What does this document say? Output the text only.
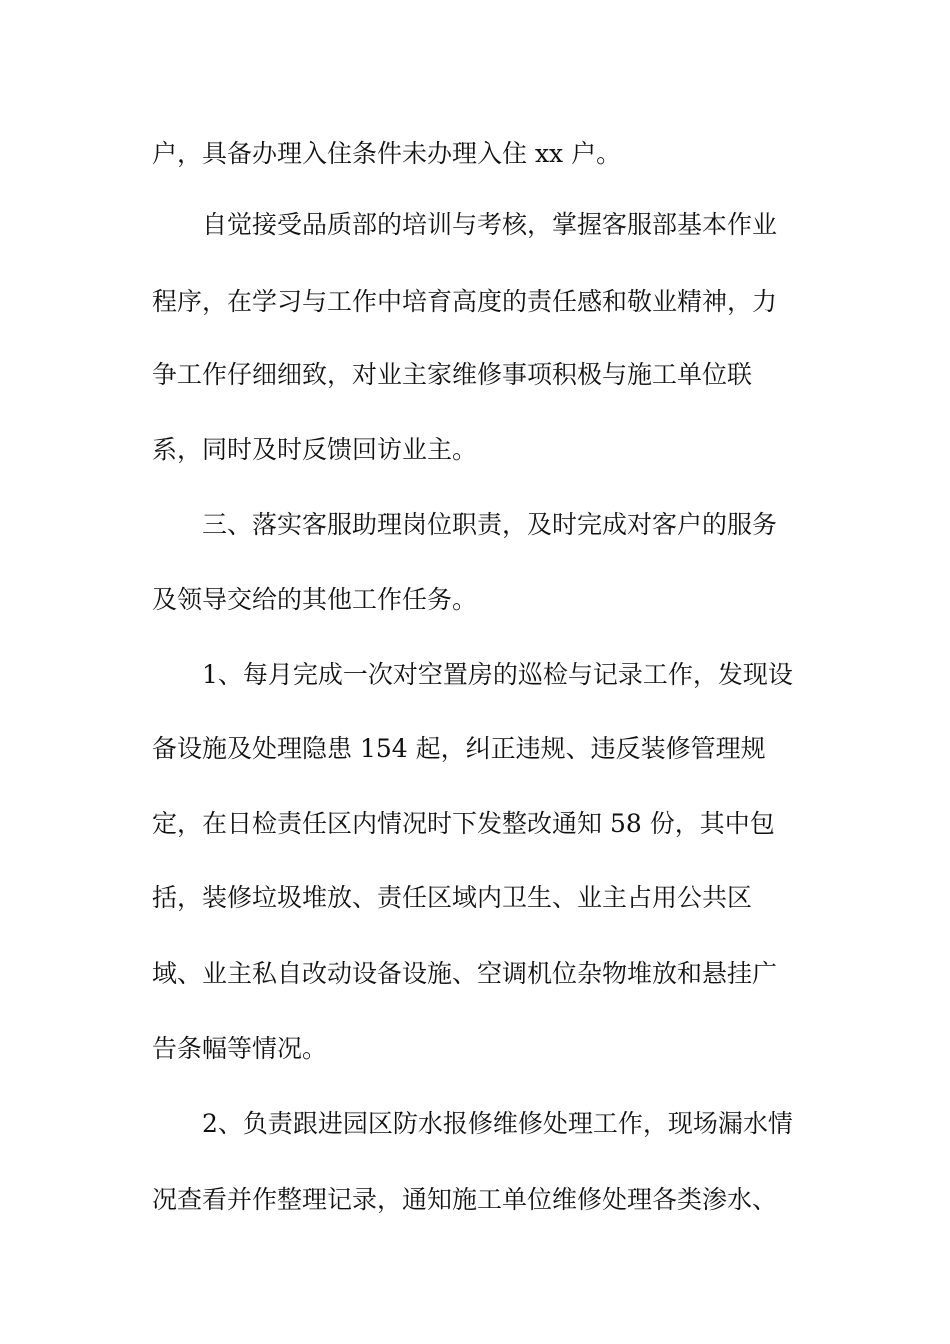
户，具备办理入住条件未办理入住 xx 户。
自觉接受品质部的培训与考核，掌握客服部基本作业
程序，在学习与工作中培育高度的责任感和敬业精神，力
争工作仔细细致，对业主家维修事项积极与施工单位联
系，同时及时反馈回访业主。
三、落实客服助理岗位职责，及时完成对客户的服务
及领导交给的其他工作任务。
1、每月完成一次对空置房的巡检与记录工作，发现设
备设施及处理隐患 154 起，纠正违规、违反装修管理规
定，在日检责任区内情况时下发整改通知 58 份，其中包
括，装修垃圾堆放、责任区域内卫生、业主占用公共区
域、业主私自改动设备设施、空调机位杂物堆放和悬挂广
告条幅等情况。
2、负责跟进园区防水报修维修处理工作，现场漏水情
况查看并作整理记录，通知施工单位维修处理各类渗水、
